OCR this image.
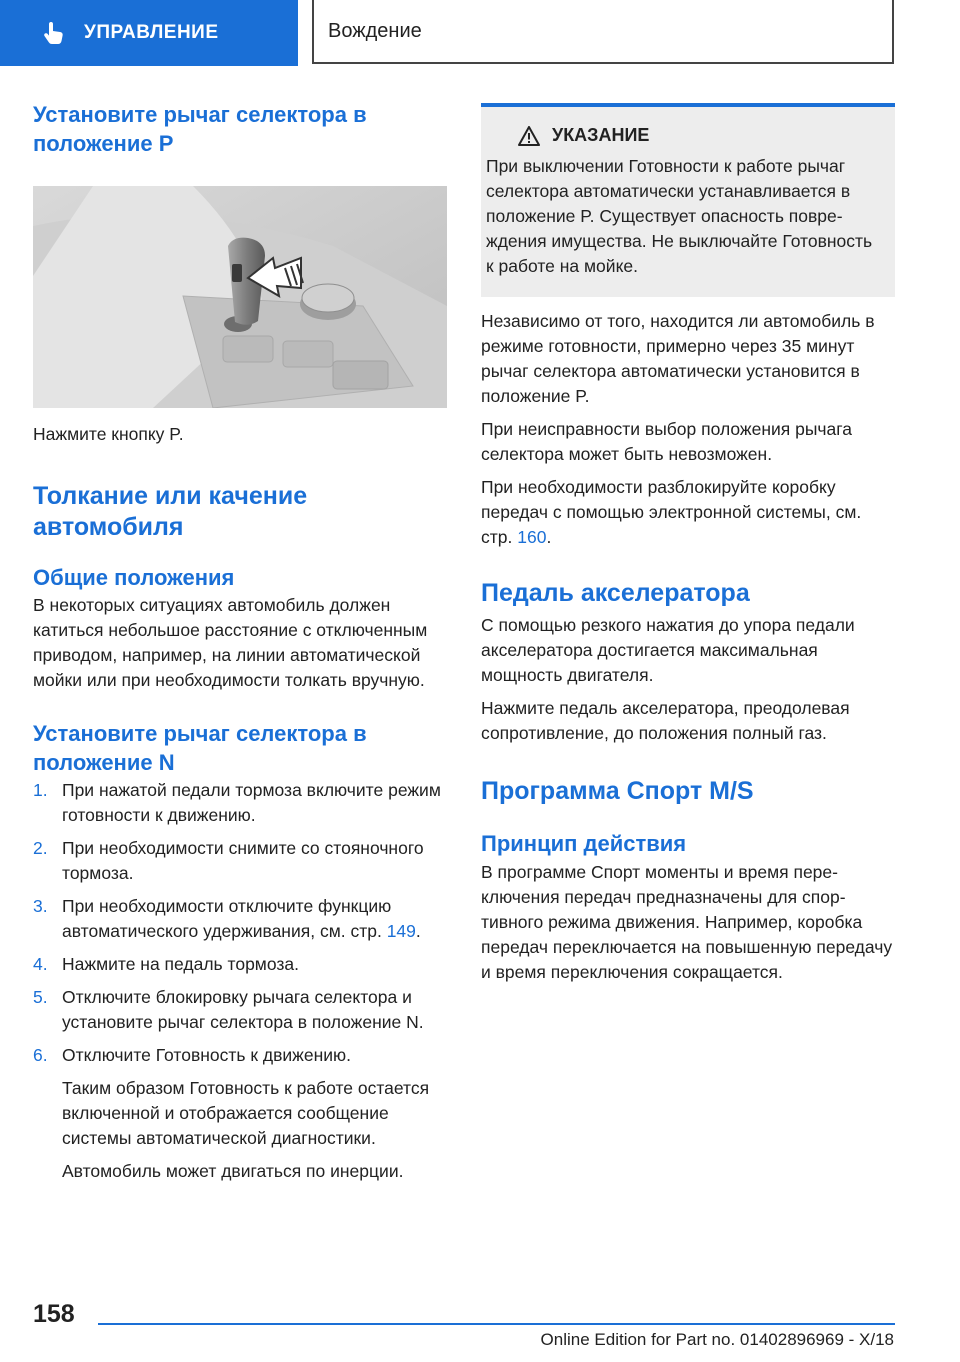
УПРАВЛЕНИЕ	Вождение
Установите рычаг селектора в положение P

Нажмите кнопку P.

Толкание или качение автомобиля
Общие положения

В некоторых ситуациях автомобиль должен катиться небольшое расстояние с отключенным приводом, например, на линии автоматической мойки или при необходимости толкать вручную.

Установите рычаг селектора в положение N
1. При нажатой педали тормоза включите режим готовности к движению.
2. При необходимости снимите со стояночного тормоза.
3. При необходимости отключите функцию автоматического удерживания, см. стр. 149.
4. Нажмите на педаль тормоза.
5. Отключите блокировку рычага селектора и установите рычаг селектора в положение N.
6. Отключите Готовность к движению.
Таким образом Готовность к работе остается включенной и отображается сообщение системы автоматической диагностики.
Автомобиль может двигаться по инерции.
УКАЗАНИЕ

При выключении Готовности к работе рычаг селектора автоматически устанавливается в положение P. Существует опасность повреждения имущества. Не выключайте Готовность к работе на мойке.

Независимо от того, находится ли автомобиль в режиме готовности, примерно через 35 минут рычаг селектора автоматически установится в положение P.

При неисправности выбор положения рычага селектора может быть невозможен.

При необходимости разблокируйте коробку передач с помощью электронной системы, см. стр. 160.

Педаль акселератора

С помощью резкого нажатия до упора педали акселератора достигается максимальная мощность двигателя.

Нажмите педаль акселератора, преодолевая сопротивление, до положения полный газ.

Программа Спорт M/S
Принцип действия

В программе Спорт моменты и время переключения передач предназначены для спортивного режима движения. Например, коробка передач переключается на повышенную передачу и время переключения сокращается.

158
Online Edition for Part no. 01402896969 - X/18
